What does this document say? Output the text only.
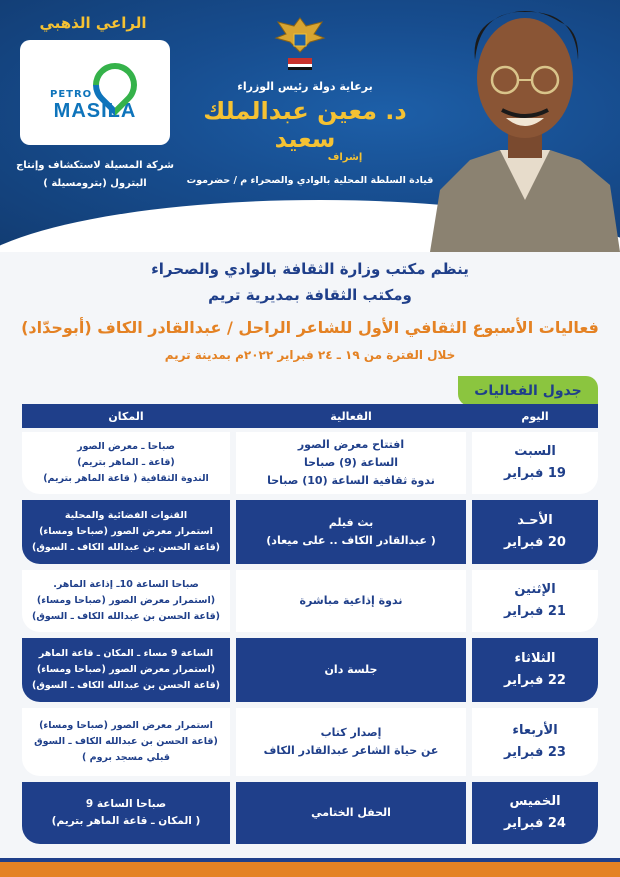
الراعي الذهبي
PETRO
MASILA
شركة المسيلة لاستكشاف وإنتاج
البترول (بترومسيلة )
برعاية دولة رئيس الوزراء
د. معين عبدالملك سعيد
إشراف
قيادة السلطة المحلية بالوادي والصحراء م / حضرموت
ينظم مكتب وزارة الثقافة بالوادي والصحراء
ومكتب الثقافة بمديرية تريم
فعاليات الأسبوع الثقافي الأول للشاعر الراحل / عبدالقادر الكاف (أبوحدّاد)
خلال الفترة من ١٩ ـ ٢٤ فبراير ٢٠٢٢م بمدينة تريم
جدول الفعاليات
اليوم
الفعالية
المكان
السبت
19 فبراير
افتتاح معرض الصور
الساعة (9) صباحا
ندوة ثقافية الساعة (10) صباحا
صباحا ـ معرض الصور
(قاعة ـ الماهر بتريم)
الندوة الثقافية ( قاعة الماهر بتريم)
الأحـد
20 فبراير
بث فيلم
( عبدالقادر الكاف .. على ميعاد)
القنوات الفضائية والمحلية
استمرار معرض الصور (صباحا ومساء)
(قاعة الحسن بن عبدالله الكاف ـ السوق)
الإثنين
21 فبراير
ندوة إذاعية مباشرة
صباحا الساعة 10ـ إذاعة الماهر.
(استمرار معرض الصور (صباحا ومساء)
(قاعة الحسن بن عبدالله الكاف ـ السوق)
الثلاثاء
22 فبراير
جلسة دان
الساعة 9 مساء ـ المكان ـ قاعة الماهر
(استمرار معرض الصور (صباحا ومساء)
(قاعة الحسن بن عبدالله الكاف ـ السوق)
الأربعاء
23 فبراير
إصدار كتاب
عن حياة الشاعر عبدالقادر الكاف
استمرار معرض الصور (صباحا ومساء)
(قاعة الحسن بن عبدالله الكاف ـ السوق
قبلي مسجد بروم )
الخميس
24 فبراير
الحفل الختامي
صباحا الساعة 9
( المكان ـ قاعة الماهر بتريم)
